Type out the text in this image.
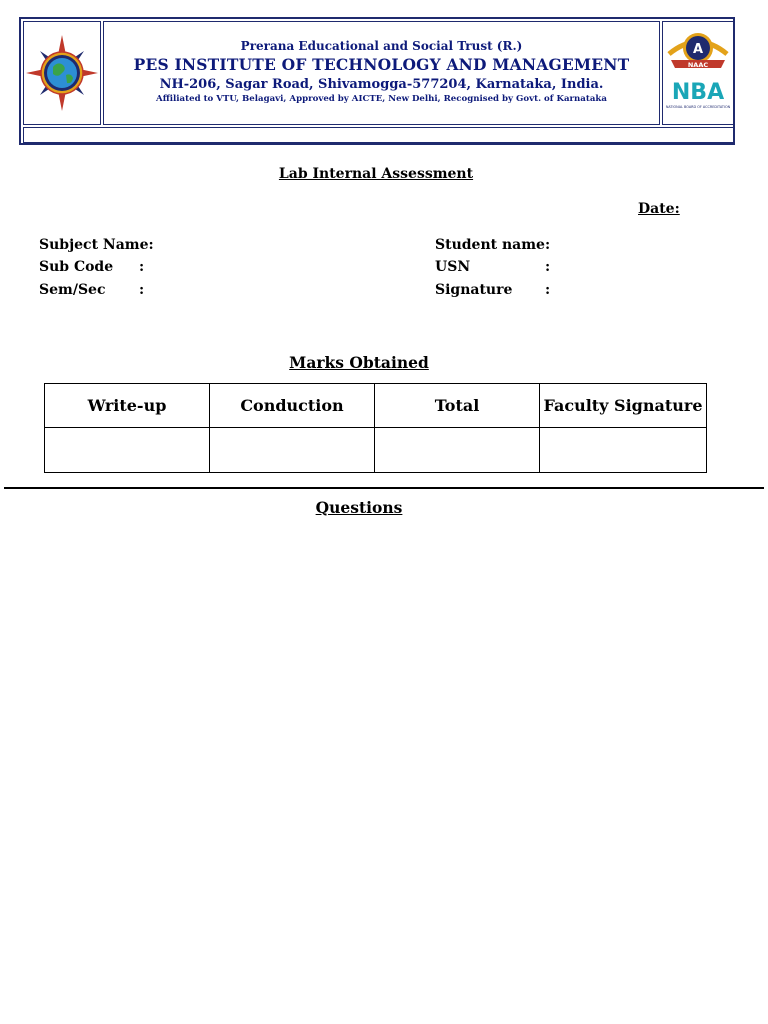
Prerana Educational and Social Trust (R.)
PES INSTITUTE OF TECHNOLOGY AND MANAGEMENT
NH-206, Sagar Road, Shivamogga-577204, Karnataka, India.
Affiliated to VTU, Belagavi, Approved by AICTE, New Delhi, Recognised by Govt. of Karnataka
A
NAAC
NBA
NATIONAL BOARD OF ACCREDITATION
Lab Internal Assessment
Date:
Subject Name:
Sub Code :
Sem/Sec :
Student name :
USN	:
Signature :
Marks Obtained
Write-up	Conduction	Total	Faculty Signature

Questions
